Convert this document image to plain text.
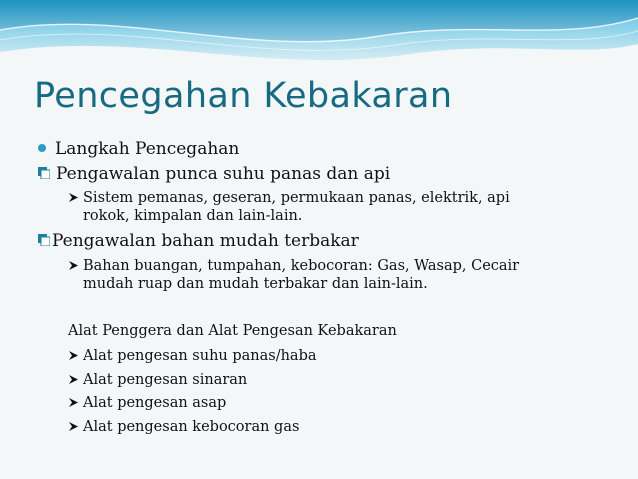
Pencegahan Kebakaran
Langkah Pencegahan
Pengawalan punca suhu panas dan api
Sistem pemanas, geseran, permukaan panas, elektrik, api
rokok, kimpalan dan lain-lain.
Pengawalan bahan mudah terbakar
Bahan buangan, tumpahan, kebocoran: Gas, Wasap, Cecair
mudah ruap dan mudah terbakar dan lain-lain.
Alat Penggera dan Alat Pengesan Kebakaran
Alat pengesan suhu panas/haba
Alat pengesan sinaran
Alat pengesan asap
Alat pengesan kebocoran gas
